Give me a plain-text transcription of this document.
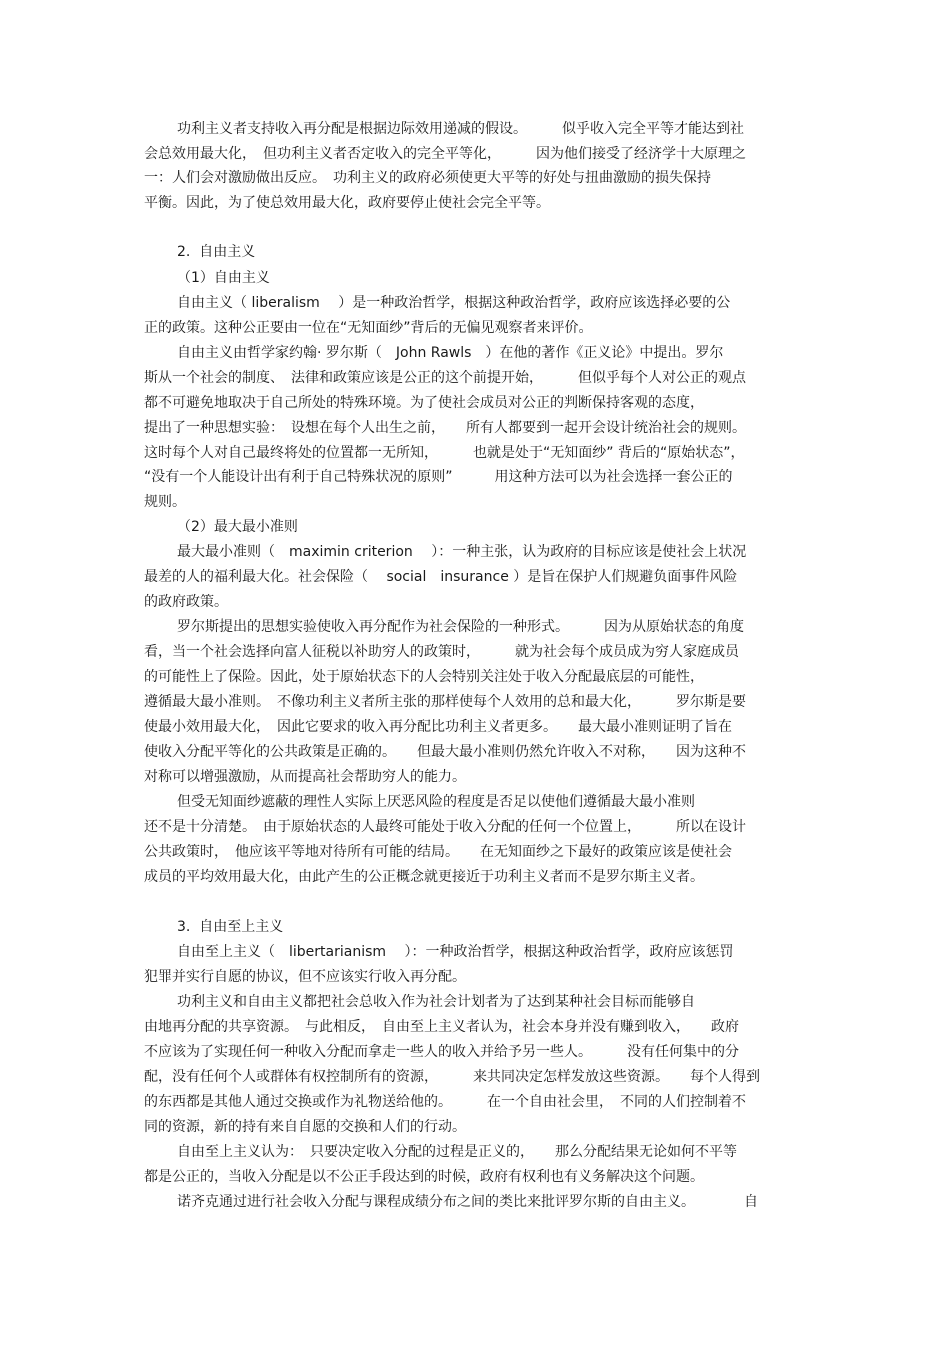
功利主义者支持收入再分配是根据边际效用递减的假设。　　　似乎收入完全平等才能达到社
会总效用最大化，　但功利主义者否定收入的完全平等化，　　　因为他们接受了经济学十大原理之
一：人们会对激励做出反应。　功利主义的政府必须使更大平等的好处与扭曲激励的损失保持
平衡。因此，为了使总效用最大化，政府要停止使社会完全平等。
2.  自由主义
（1）自由主义
自由主义（ liberalism　 ）是一种政治哲学，根据这种政治哲学，政府应该选择必要的公
正的政策。这种公正要由一位在“无知面纱”背后的无偏见观察者来评价。
自由主义由哲学家约翰· 罗尔斯（　John Rawls　）在他的著作《正义论》中提出。罗尔
斯从一个社会的制度、　法律和政策应该是公正的这个前提开始，　　　但似乎每个人对公正的观点
都不可避免地取决于自己所处的特殊环境。为了使社会成员对公正的判断保持客观的态度，
提出了一种思想实验：　设想在每个人出生之前，　　所有人都要到一起开会设计统治社会的规则。
这时每个人对自己最终将处的位置都一无所知，　　　也就是处于“无知面纱” 背后的“原始状态”，
“没有一个人能设计出有利于自己特殊状况的原则”　　　用这种方法可以为社会选择一套公正的
规则。
（2）最大最小准则
最大最小准则（　maximin criterion　 ）：一种主张，认为政府的目标应该是使社会上状况
最差的人的福利最大化。社会保险（　 social　insurance ）是旨在保护人们规避负面事件风险
的政府政策。
罗尔斯提出的思想实验使收入再分配作为社会保险的一种形式。　　　因为从原始状态的角度
看，当一个社会选择向富人征税以补助穷人的政策时，　　　就为社会每个成员成为穷人家庭成员
的可能性上了保险。因此，处于原始状态下的人会特别关注处于收入分配最底层的可能性，
遵循最大最小准则。　不像功利主义者所主张的那样使每个人效用的总和最大化，　　　罗尔斯是要
使最小效用最大化，　因此它要求的收入再分配比功利主义者更多。　　最大最小准则证明了旨在
使收入分配平等化的公共政策是正确的。　　但最大最小准则仍然允许收入不对称，　　因为这种不
对称可以增强激励，从而提高社会帮助穷人的能力。
但受无知面纱遮蔽的理性人实际上厌恶风险的程度是否足以使他们遵循最大最小准则
还不是十分清楚。　由于原始状态的人最终可能处于收入分配的任何一个位置上，　　　所以在设计
公共政策时，　他应该平等地对待所有可能的结局。　　在无知面纱之下最好的政策应该是使社会
成员的平均效用最大化，由此产生的公正概念就更接近于功利主义者而不是罗尔斯主义者。
3.  自由至上主义
自由至上主义（　libertarianism　 ）：一种政治哲学，根据这种政治哲学，政府应该惩罚
犯罪并实行自愿的协议，但不应该实行收入再分配。
功利主义和自由主义都把社会总收入作为社会计划者为了达到某种社会目标而能够自
由地再分配的共享资源。　与此相反，　自由至上主义者认为，社会本身并没有赚到收入，　　政府
不应该为了实现任何一种收入分配而拿走一些人的收入并给予另一些人。　　　没有任何集中的分
配，没有任何个人或群体有权控制所有的资源，　　　来共同决定怎样发放这些资源。　　每个人得到
的东西都是其他人通过交换或作为礼物送给他的。　　　在一个自由社会里，　不同的人们控制着不
同的资源，新的持有来自自愿的交换和人们的行动。
自由至上主义认为：　只要决定收入分配的过程是正义的，　　那么分配结果无论如何不平等
都是公正的，当收入分配是以不公正手段达到的时候，政府有权利也有义务解决这个问题。
诺齐克通过进行社会收入分配与课程成绩分布之间的类比来批评罗尔斯的自由主义。　　　　自
